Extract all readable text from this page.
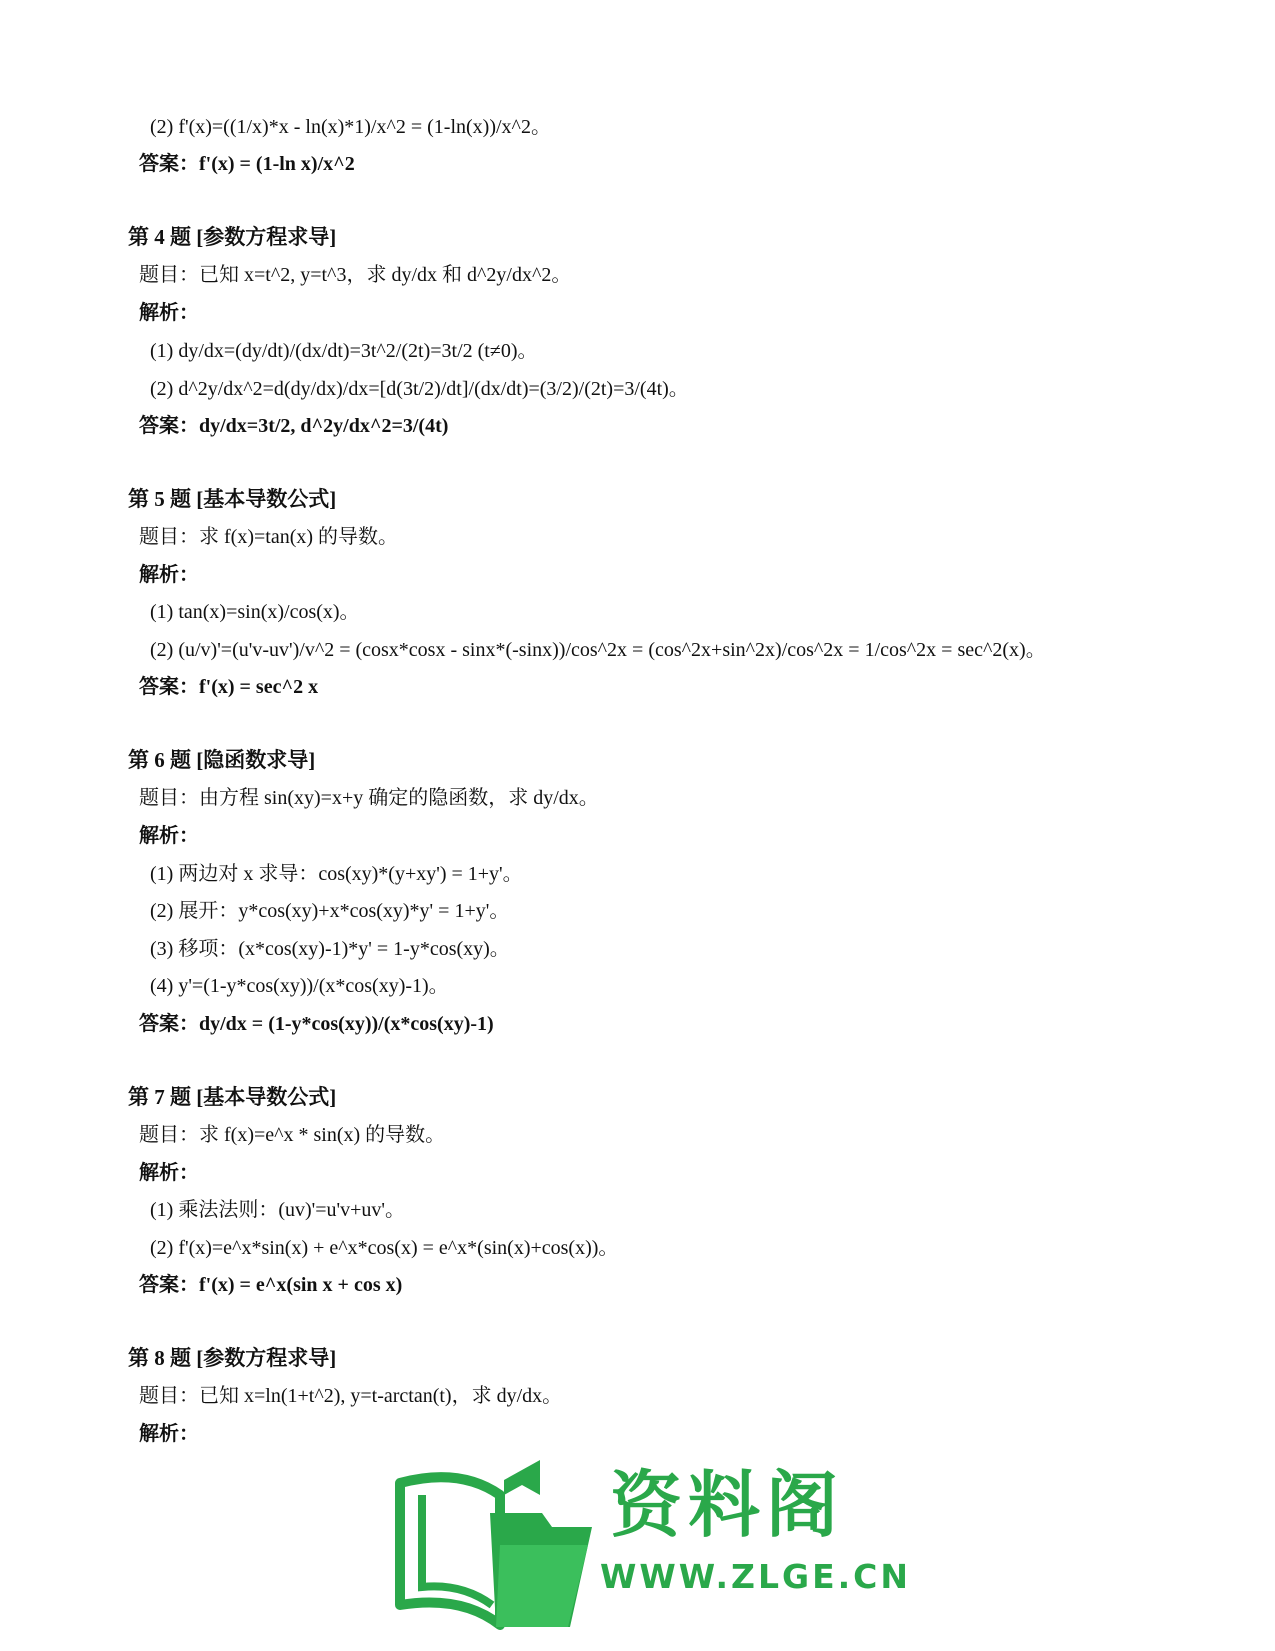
(2) f'(x)=((1/x)*x - ln(x)*1)/x^2 = (1-ln(x))/x^2。
答案：f'(x) = (1-ln x)/x^2
第 4 题 [参数方程求导]
题目：已知 x=t^2, y=t^3，求 dy/dx 和 d^2y/dx^2。
解析：
(1) dy/dx=(dy/dt)/(dx/dt)=3t^2/(2t)=3t/2 (t≠0)。
(2) d^2y/dx^2=d(dy/dx)/dx=[d(3t/2)/dt]/(dx/dt)=(3/2)/(2t)=3/(4t)。
答案：dy/dx=3t/2, d^2y/dx^2=3/(4t)
第 5 题 [基本导数公式]
题目：求 f(x)=tan(x) 的导数。
解析：
(1) tan(x)=sin(x)/cos(x)。
(2) (u/v)'=(u'v-uv')/v^2 = (cosx*cosx - sinx*(-sinx))/cos^2x = (cos^2x+sin^2x)/cos^2x = 1/cos^2x = sec^2(x)。
答案：f'(x) = sec^2 x
第 6 题 [隐函数求导]
题目：由方程 sin(xy)=x+y 确定的隐函数，求 dy/dx。
解析：
(1) 两边对 x 求导：cos(xy)*(y+xy') = 1+y'。
(2) 展开：y*cos(xy)+x*cos(xy)*y' = 1+y'。
(3) 移项：(x*cos(xy)-1)*y' = 1-y*cos(xy)。
(4) y'=(1-y*cos(xy))/(x*cos(xy)-1)。
答案：dy/dx = (1-y*cos(xy))/(x*cos(xy)-1)
第 7 题 [基本导数公式]
题目：求 f(x)=e^x * sin(x) 的导数。
解析：
(1) 乘法法则：(uv)'=u'v+uv'。
(2) f'(x)=e^x*sin(x) + e^x*cos(x) = e^x*(sin(x)+cos(x))。
答案：f'(x) = e^x(sin x + cos x)
第 8 题 [参数方程求导]
题目：已知 x=ln(1+t^2), y=t-arctan(t)，求 dy/dx。
解析：
资料阁
WWW.ZLGE.CN
